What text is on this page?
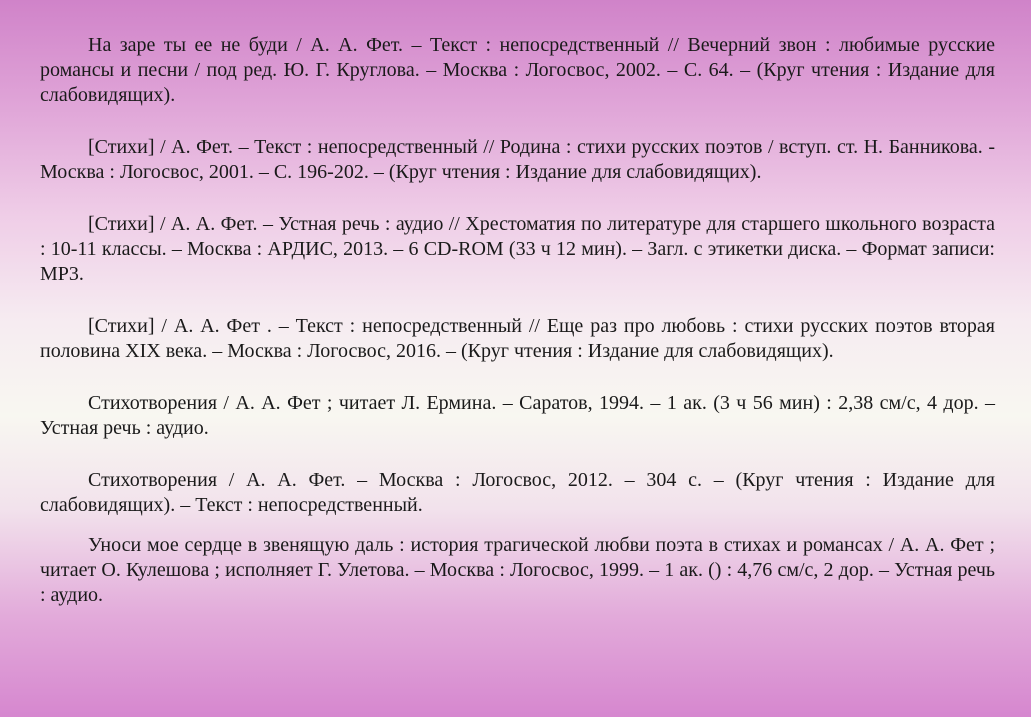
На заре ты ее не буди / А. А. Фет. – Текст : непосредственный // Вечерний звон : любимые русские романсы и песни / под ред. Ю. Г. Круглова. – Москва : Логосвос, 2002. – С. 64. – (Круг чтения : Издание для слабовидящих).

[Стихи] / А. Фет. – Текст : непосредственный // Родина : стихи русских поэтов / вступ. ст. Н. Банникова. - Москва : Логосвос, 2001. – С. 196-202. – (Круг чтения : Издание для слабовидящих).

[Стихи] / А. А. Фет. – Устная речь : аудио // Хрестоматия по литературе для старшего школьного возраста : 10-11 классы. – Москва : АРДИС, 2013. – 6 CD-ROM (33 ч 12 мин). – Загл. с этикетки диска. – Формат записи: MP3.

[Стихи] / А. А. Фет . – Текст : непосредственный // Еще раз про любовь : стихи русских поэтов вторая половина XIX века. – Москва : Логосвос, 2016. – (Круг чтения : Издание для слабовидящих).

Стихотворения / А. А. Фет ; читает Л. Ермина. – Саратов, 1994. – 1 ак. (3 ч 56 мин) : 2,38 см/с, 4 дор. – Устная речь : аудио.

Стихотворения / А. А. Фет. – Москва : Логосвос, 2012. – 304 с. – (Круг чтения : Издание для слабовидящих). – Текст : непосредственный.

Уноси мое сердце в звенящую даль : история трагической любви поэта в стихах и романсах / А. А. Фет ; читает О. Кулешова ; исполняет Г. Улетова. – Москва : Логосвос, 1999. – 1 ак. () : 4,76 см/с, 2 дор. – Устная речь : аудио.
